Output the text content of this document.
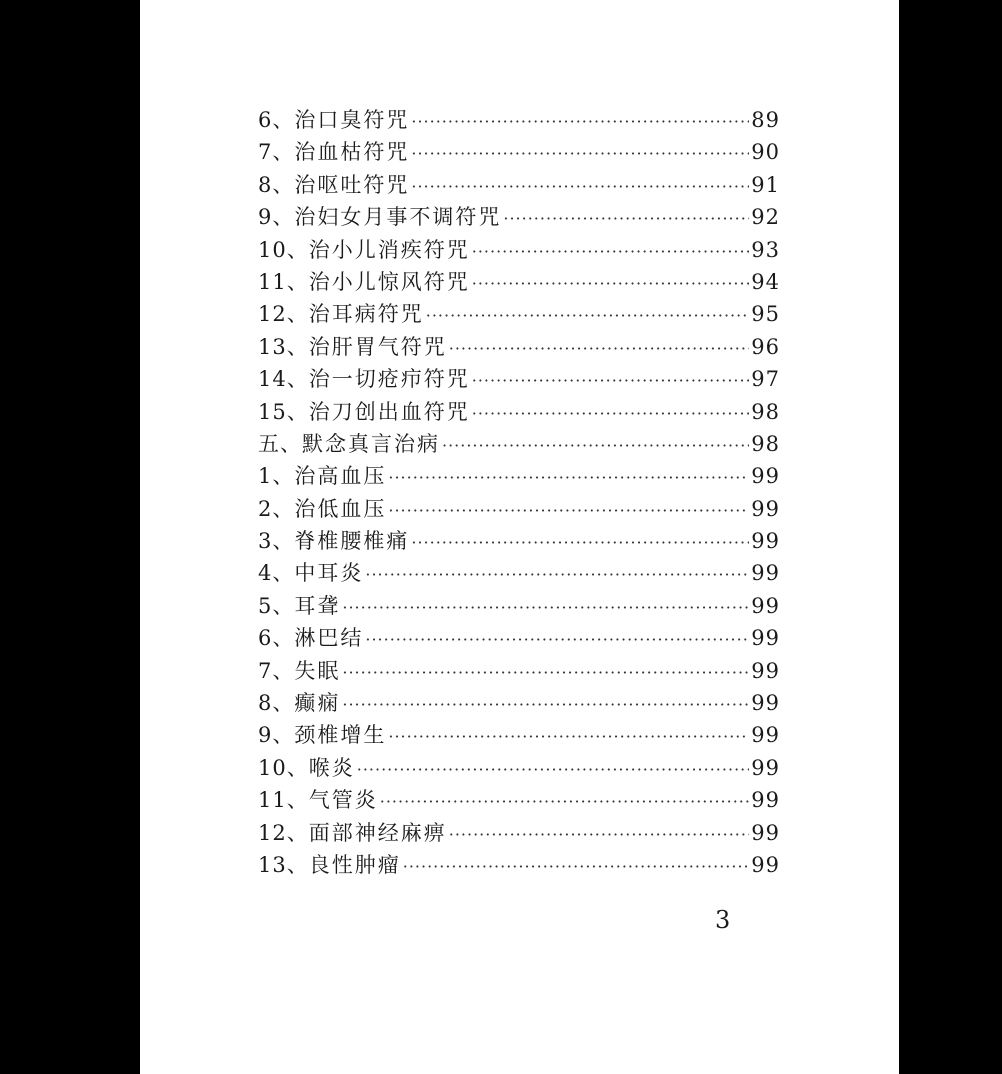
6、 治口臭符咒 ·····	89
7、 治血枯符咒 ·····	90
8、 治呕吐符咒 ·····	91
9、 治妇女月事不调符咒 ·····	92
10、 治小儿消疾符咒 ·····	93
11、 治小儿惊风符咒 ·····	94
12、 治耳病符咒 ·····	95
13、 治肝胃气符咒 ·····	96
14、 治一切疮疖符咒 ·····	97
15、 治刀创出血符咒 ·····	98
五、 默念真言治病 ·····	98
1、 治高血压 ·····	99
2、 治低血压 ·····	99
3、 脊椎腰椎痛 ·····	99
4、 中耳炎 ·····	99
5、 耳聋 ·····	99
6、 淋巴结 ·····	99
7、 失眠 ·····	99
8、 癫痫 ·····	99
9、 颈椎增生 ·····	99
10、 喉炎 ·····	99
11、 气管炎 ·····	99
12、 面部神经麻痹 ·····	99
13、 良性肿瘤 ·····	99
3
